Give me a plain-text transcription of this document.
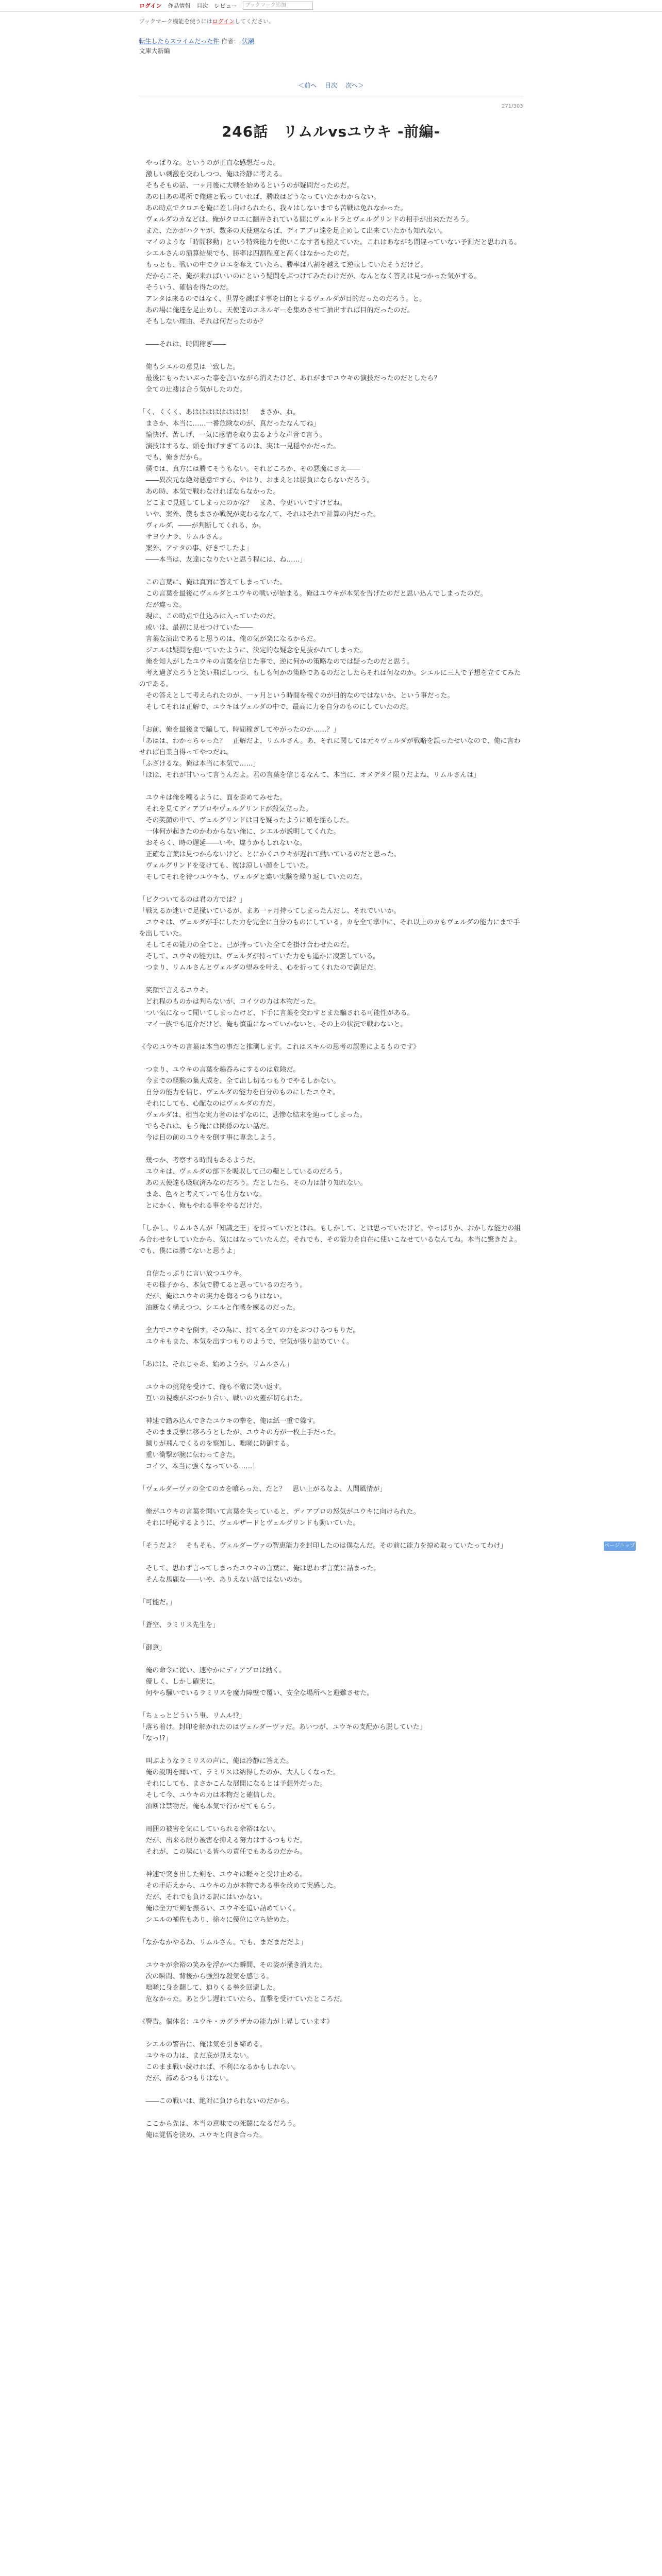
ログイン 作品情報 目次 レビュー	ブックマーク追加
ブックマーク機能を使うにはログインしてください。
転生したらスライムだった件 作者： 伏瀬
文庫大新編
＜前へ 目次 次へ＞
271/303
246話　リムルvsユウキ -前編-

　やっぱりな。というのが正直な感想だった。

　激しい刺激を交わしつつ、俺は冷静に考える。

　そもそもの話、一ヶ月後に大戦を始めるというのが疑問だったのだ。

　あの日あの場所で俺達と戦っていれば、勝敗はどうなっていたかわからない。

　あの時点でクロエを俺に差し向けられたら、我々はしないまでも苦戦は免れなかった。

　ヴェルダのカなどは、俺がクロエに翻弄されている間にヴェルドラとヴェルグリンドの相手が出来ただろう。

　また、たかがハクヤが、数多の天使達ならば、ディアブロ達を足止めして出来ていたかも知れない。

　マイのような「時間移動」という特殊能力を使いこなす者も控えていた。これはあながち間違っていない予測だと思われる。

　シエルさんの演算結果でも、勝率は四割程度と高くはなかったのだ。

　もっとも、戦いの中でクロエを奪えていたら、勝率は八割を越えて逆転していたそうだけど。

　だからこそ、俺が来ればいいのにという疑問をぶつけてみたわけだが、なんとなく答えは見つかった気がする。

　そういう、確信を得たのだ。

　アンタは来るのではなく、世界を滅ぼす事を目的とするヴェルダが目的だったのだろう。と。

　あの場に俺達を足止めし、天使達のエネルギーを集めさせて抽出すれば目的だったのだ。

　そもしない理由、それは何だったのか？

　――それは、時間稼ぎ――

　俺もシエルの意見は一致した。

　最後にもったいぶった事を言いながら消えたけど、あれがまでユウキの演技だったのだとしたら？

　全ての辻褄は合う気がしたのだ。

「く、くくく、あはははははははは！　まさか、ね。

　まさか、本当に……一番危険なのが、真だったなんてね」

　愉快げ、苦しげ、一気に感情を取り去るような声音で言う。

　演技はするな、頭を曲げすぎてるのは、実は一見穏やかだった。

　でも、俺きだから。

　僕では、真方には勝てそうもない。それどころか、その悪魔にさえ――

　――異次元な絶対悪意ですら、やはり、おまえとは勝負にならないだろう。

　あの時、本気で戦わなければならなかった。

　どこまで見通してしまったのかな？　まあ、今更いいですけどね。

　いや、案外、僕もまさか戦況が変わるなんて、それはそれで計算の内だった。

　ヴィルダ、――が判断してくれる、か。

　サヨウナラ、リムルさん。

　案外、アナタの事、好きでしたよ」

　――本当は、友達になりたいと思う程には、ね……」

　この言葉に、俺は真面に答えてしまっていた。

　この言葉を最後にヴェルダとユウキの戦いが始まる。俺はユウキが本気を告げたのだと思い込んでしまったのだ。

　だが違った。

　現に、この時点で仕込みは入っていたのだ。

　或いは、最初に見せつけていた――

　言葉な演出であると思うのは、俺の気が楽になるからだ。

　ジエルは疑問を抱いていたように、決定的な疑念を見抜かれてしまった。

　俺を知人がしたユウキの言葉を信じた事で、逆に何かの策略なのでは疑ったのだと思う。

　考え過ぎたろうと笑い飛ばしつつ、もしも何かの策略であるのだとしたらそれは何なのか。シエルに三人で予想を立ててみたのである。

　その答えとして考えられたのが、一ヶ月という時間を稼ぐのが目的なのではないか、という事だった。

　そしてそれは正解で、ユウキはヴェルダの中で、最高に力を自分のものにしていたのだ。

「お前、俺を最後まで騙して、時間稼ぎしてやがったのか……？」

「あはは、わかっちゃった？　正解だよ、リムルさん。あ、それに関しては元々ヴェルダが戦略を誤ったせいなので、俺に言わせれば自業自得ってやつだね。

「ふざけるな。俺は本当に本気で……」

「ほほ、それが甘いって言うんだよ。君の言葉を信じるなんて、本当に、オメデタイ限りだよね、リムルさんは」

　ユウキは俺を嘲るように、面を歪めてみせた。

　それを見てディアブロやヴェルグリンドが殺気立った。

　その笑顔の中で、ヴェルグリンドは目を疑ったように頬を揺らした。

　一体何が起きたのかわからない俺に、シエルが説明してくれた。

　おそらく、時の遅延――いや、違うかもしれないな。

　正確な言葉は見つからないけど、とにかくユウキが遅れて動いているのだと思った。

　ヴェルグリンドを受けても、彼は涼しい顔をしていた。

　そしてそれを待つユウキも、ヴェルダと違い実験を繰り返していたのだ。

「ビクついてるのは君の方では？」

「戦えるか迷いで足掻いているが、まあ一ヶ月持ってしまったんだし、それでいいか。

　ユウキは、ヴェルダが手にした力を完全に自分のものにしている。カを全て掌中に、それ以上のカもヴェルダの能力にまで手を出していた。

　そしてその能力の全てと、己が持っていた全てを掛け合わせたのだ。

　そして、ユウキの能力は、ヴェルダが持っていた力をも遥かに凌駕している。

　つまり、リムルさんとヴェルダの望みを叶え、心を折ってくれたので満足だ。

　笑顔で言えるユウキ。

　どれ程のものかは判らないが、コイツの力は本物だった。

　つい気になって聞いてしまったけど、下手に言葉を交わすとまた騙される可能性がある。

　マイ一族でも厄介だけど、俺も慎重になっていかないと、その上の状況で戦わないと。

《今のユウキの言葉は本当の事だと推測します。これはスキルの思考の誤差によるものです》

　つまり、ユウキの言葉を鵜呑みにするのは危険だ。

　今までの経験の集大成を、全て出し切るつもりでやるしかない。

　自分の能力を信じ、ヴェルダの能力を自分のものにしたユウキ。

　それにしても、心配なのはヴェルダの方だ。

　ヴェルダは、相当な実力者のはずなのに、悲惨な結末を辿ってしまった。

　でもそれは、もう俺には関係のない話だ。

　今は目の前のユウキを倒す事に専念しよう。

　幾つか、考察する時間もあるようだ。

　ユウキは、ヴェルダの部下を吸収して己の糧としているのだろう。

　あの天使達も吸収済みなのだろう。だとしたら、その力は計り知れない。

　まあ、色々と考えていても仕方ないな。

　とにかく、俺もやれる事をやるだけだ。

「しかし、リムルさんが「知識之王」を持っていたとはね。もしかして、とは思っていたけど。やっぱりか、おかしな能力の組み合わせをしていたから、気にはなっていたんだ。それでも、その能力を自在に使いこなせているなんてね。本当に驚きだよ。でも、僕には勝てないと思うよ」

　自信たっぷりに言い放つユウキ。

　その様子から、本気で勝てると思っているのだろう。

　だが、俺はユウキの実力を侮るつもりはない。

　油断なく構えつつ、シエルと作戦を練るのだった。

　全力でユウキを倒す。その為に、持てる全ての力をぶつけるつもりだ。

　ユウキもまた、本気を出すつもりのようで、空気が張り詰めていく。

「あはは、それじゃあ、始めようか。リムルさん」

　ユウキの挑発を受けて、俺も不敵に笑い返す。

　互いの視線がぶつかり合い、戦いの火蓋が切られた。

　神速で踏み込んできたユウキの拳を、俺は紙一重で躱す。

　そのまま反撃に移ろうとしたが、ユウキの方が一枚上手だった。

　蹴りが飛んでくるのを察知し、咄嗟に防御する。

　重い衝撃が腕に伝わってきた。

　コイツ、本当に強くなっている……！

「ヴェルダーヴァの全てのカを喰らった、だと？　思い上がるなよ、人間風情が」

　俺がユウキの言葉を聞いて言葉を失っていると、ディアブロの怒気がユウキに向けられた。

　それに呼応するように、ヴェルザードとヴェルグリンドも動いていた。

「そうだよ？　そもそも、ヴェルダーヴァの智恵能力を封印したのは僕なんだ。その前に能力を掠め取っていたってわけ」

　そして、思わず言ってしまったユウキの言葉に、俺は思わず言葉に詰まった。

　そんな馬鹿な――いや、ありえない話ではないのか。

「可能だ。」

「蒼空、ラミリス先生を」

「御意」

　俺の命令に従い、速やかにディアブロは動く。

　優しく、しかし確実に。

　何やら騒いでいるラミリスを魔力障壁で覆い、安全な場所へと避難させた。

「ちょっとどういう事、リムル!?」

「落ち着け。封印を解かれたのはヴェルダーヴァだ。あいつが、ユウキの支配から脱していた」

「なっ!?」

　叫ぶようなラミリスの声に、俺は冷静に答えた。

　俺の説明を聞いて、ラミリスは納得したのか、大人しくなった。

　それにしても、まさかこんな展開になるとは予想外だった。

　そして今、ユウキの力は本物だと確信した。

　油断は禁物だ。俺も本気で行かせてもらう。

　周囲の被害を気にしていられる余裕はない。

　だが、出来る限り被害を抑える努力はするつもりだ。

　それが、この場にいる皆への責任でもあるのだから。

　神速で突き出した剣を、ユウキは軽々と受け止める。

　その手応えから、ユウキの力が本物である事を改めて実感した。

　だが、それでも負ける訳にはいかない。

　俺は全力で剣を振るい、ユウキを追い詰めていく。

　シエルの補佐もあり、徐々に優位に立ち始めた。

「なかなかやるね、リムルさん。でも、まだまだだよ」

　ユウキが余裕の笑みを浮かべた瞬間、その姿が掻き消えた。

　次の瞬間、背後から強烈な殺気を感じる。

　咄嗟に身を翻して、迫りくる拳を回避した。

　危なかった。あと少し遅れていたら、直撃を受けていたところだ。

《警告。個体名：ユウキ・カグラザカの能力が上昇しています》

　シエルの警告に、俺は気を引き締める。

　ユウキの力は、まだ底が見えない。

　このまま戦い続ければ、不利になるかもしれない。

　だが、諦めるつもりはない。

　――この戦いは、絶対に負けられないのだから。

　ここから先は、本当の意味での死闘になるだろう。

　俺は覚悟を決め、ユウキと向き合った。

ページトップへ
